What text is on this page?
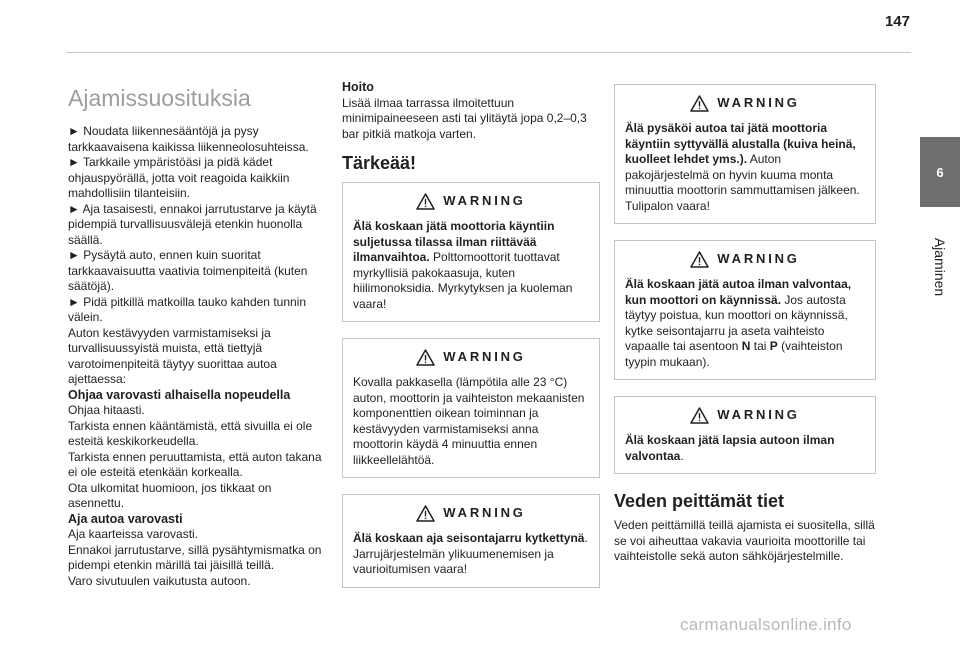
147
6
Ajaminen
Ajamissuosituksia

► Noudata liikennesääntöjä ja pysy tarkkaavaisena kaikissa liikenneolosuhteissa.

► Tarkkaile ympäristöäsi ja pidä kädet ohjauspyörällä, jotta voit reagoida kaikkiin mahdollisiin tilanteisiin.

► Aja tasaisesti, ennakoi jarrutustarve ja käytä pidempiä turvallisuusvälejä etenkin huonolla säällä.

► Pysäytä auto, ennen kuin suoritat tarkkaavaisuutta vaativia toimenpiteitä (kuten säätöjä).

► Pidä pitkillä matkoilla tauko kahden tunnin välein.

Auton kestävyyden varmistamiseksi ja turvallisuussyistä muista, että tiettyjä varotoimenpiteitä täytyy suorittaa autoa ajettaessa:

Ohjaa varovasti alhaisella nopeudella

Ohjaa hitaasti.

Tarkista ennen kääntämistä, että sivuilla ei ole esteitä keskikorkeudella.

Tarkista ennen peruuttamista, että auton takana ei ole esteitä etenkään korkealla.

Ota ulkomitat huomioon, jos tikkaat on asennettu.

Aja autoa varovasti

Aja kaarteissa varovasti.

Ennakoi jarrutustarve, sillä pysähtymismatka on pidempi etenkin märillä tai jäisillä teillä.

Varo sivutuulen vaikutusta autoon.

Hoito

Lisää ilmaa tarrassa ilmoitettuun minimipaineeseen asti tai ylitäytä jopa 0,2–0,3 bar pitkiä matkoja varten.

Tärkeää!
WARNING

Älä koskaan jätä moottoria käyntiin suljetussa tilassa ilman riittävää ilmanvaihtoa. Polttomoottorit tuottavat myrkyllisiä pakokaasuja, kuten hiilimonoksidia. Myrkytyksen ja kuoleman vaara!

WARNING

Kovalla pakkasella (lämpötila alle 23 °C) auton, moottorin ja vaihteiston mekaanisten komponenttien oikean toiminnan ja kestävyyden varmistamiseksi anna moottorin käydä 4 minuuttia ennen liikkeellelähtöä.

WARNING

Älä koskaan aja seisontajarru kytkettynä. Jarrujärjestelmän ylikuumenemisen ja vaurioitumisen vaara!

WARNING

Älä pysäköi autoa tai jätä moottoria käyntiin syttyvällä alustalla (kuiva heinä, kuolleet lehdet yms.). Auton pakojärjestelmä on hyvin kuuma monta minuuttia moottorin sammuttamisen jälkeen. Tulipalon vaara!

WARNING

Älä koskaan jätä autoa ilman valvontaa, kun moottori on käynnissä. Jos autosta täytyy poistua, kun moottori on käynnissä, kytke seisontajarru ja aseta vaihteisto vapaalle tai asentoon N tai P (vaihteiston tyypin mukaan).

WARNING

Älä koskaan jätä lapsia autoon ilman valvontaa.

Veden peittämät tiet

Veden peittämillä teillä ajamista ei suositella, sillä se voi aiheuttaa vakavia vaurioita moottorille tai vaihteistolle sekä auton sähköjärjestelmille.

carmanualsonline.info
